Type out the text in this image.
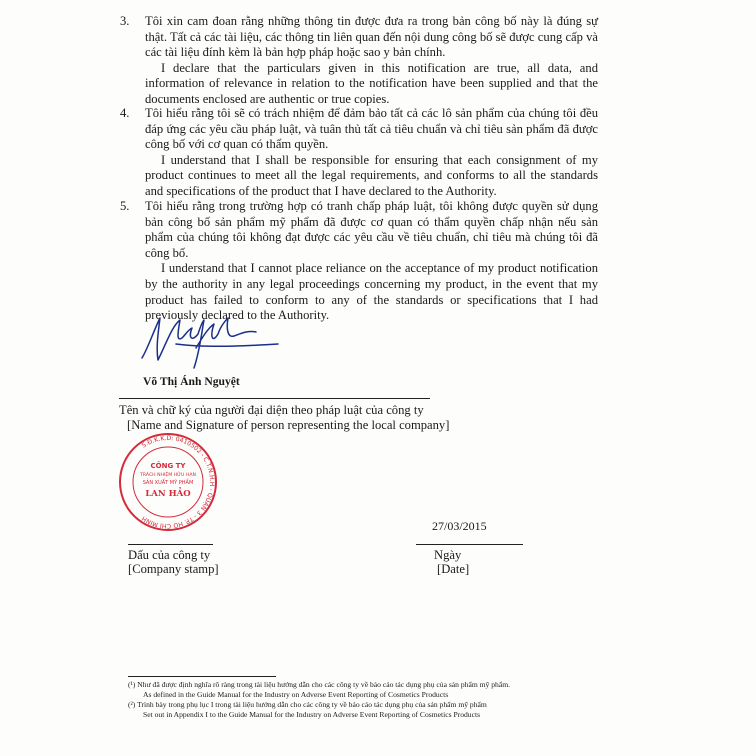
3.	Tôi xin cam đoan rằng những thông tin được đưa ra trong bản công bố này là đúng sự thật. Tất cả các tài liệu, các thông tin liên quan đến nội dung công bố sẽ được cung cấp và các tài liệu đính kèm là bản hợp pháp hoặc sao y bản chính.
I declare that the particulars given in this notification are true, all data, and information of relevance in relation to the notification have been supplied and that the documents enclosed are authentic or true copies.
4.	Tôi hiểu rằng tôi sẽ có trách nhiệm để đảm bảo tất cả các lô sản phẩm của chúng tôi đều đáp ứng các yêu cầu pháp luật, và tuân thủ tất cả tiêu chuẩn và chỉ tiêu sản phẩm đã được công bố với cơ quan có thẩm quyền.
I understand that I shall be responsible for ensuring that each consignment of my product continues to meet all the legal requirements, and conforms to all the standards and specifications of the product that I have declared to the Authority.
5.	Tôi hiểu rằng trong trường hợp có tranh chấp pháp luật, tôi không được quyền sử dụng bản công bố sản phẩm mỹ phẩm đã được cơ quan có thẩm quyền chấp nhận nếu sản phẩm của chúng tôi không đạt được các yêu cầu về tiêu chuẩn, chỉ tiêu mà chúng tôi đã công bố.
I understand that I cannot place reliance on the acceptance of my product notification by the authority in any legal proceedings concerning my product, in the event that my product has failed to conform to any of the standards or specifications that I had previously declared to the Authority.
Võ Thị Ánh Nguyệt
Tên và chữ ký của người đại diện theo pháp luật của công ty
[Name and Signature of person representing the local company]
S.Đ.K.K.D: 0410502 - C.T.N.H.H - QUẬN 3 - TP. HỒ CHÍ MINH
CÔNG TY
TRÁCH NHIỆM HỮU HẠN
SẢN XUẤT MỸ PHẨM
LAN HẢO
27/03/2015
Dấu của công ty
[Company stamp]
Ngày
[Date]
(¹) Như đã được định nghĩa rõ ràng trong tài liệu hướng dẫn cho các công ty về báo cáo tác dụng phụ của sản phẩm mỹ phẩm.
As defined in the Guide Manual for the Industry on Adverse Event Reporting of Cosmetics Products
(²) Trình bày trong phụ lục I trong tài liệu hướng dẫn cho các công ty về báo cáo tác dụng phụ của sản phẩm mỹ phẩm
Set out in Appendix I to the Guide Manual for the Industry on Adverse Event Reporting of Cosmetics Products
